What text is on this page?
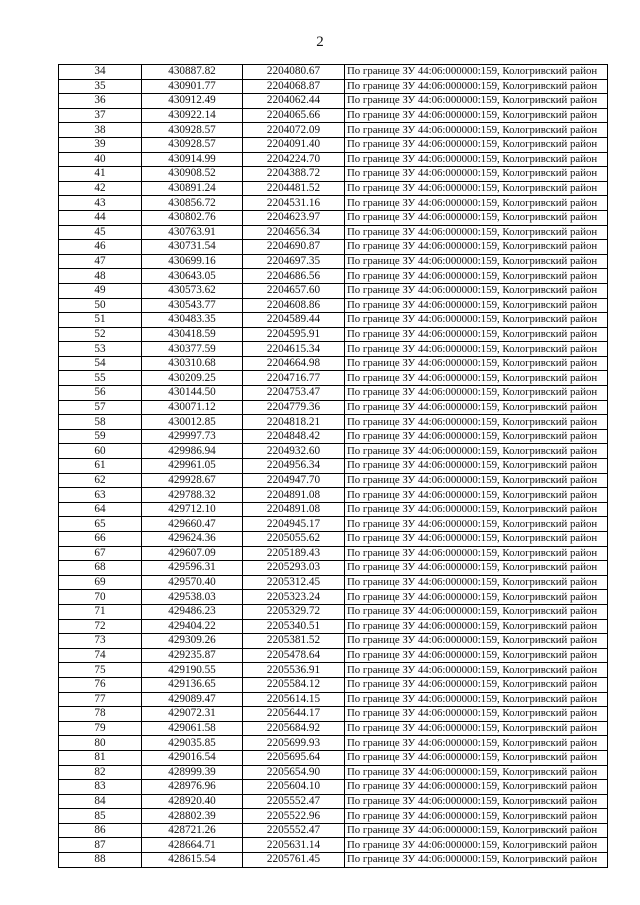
2
34	430887.82	2204080.67	По границе ЗУ 44:06:000000:159, Кологривский район
35	430901.77	2204068.87	По границе ЗУ 44:06:000000:159, Кологривский район
36	430912.49	2204062.44	По границе ЗУ 44:06:000000:159, Кологривский район
37	430922.14	2204065.66	По границе ЗУ 44:06:000000:159, Кологривский район
38	430928.57	2204072.09	По границе ЗУ 44:06:000000:159, Кологривский район
39	430928.57	2204091.40	По границе ЗУ 44:06:000000:159, Кологривский район
40	430914.99	2204224.70	По границе ЗУ 44:06:000000:159, Кологривский район
41	430908.52	2204388.72	По границе ЗУ 44:06:000000:159, Кологривский район
42	430891.24	2204481.52	По границе ЗУ 44:06:000000:159, Кологривский район
43	430856.72	2204531.16	По границе ЗУ 44:06:000000:159, Кологривский район
44	430802.76	2204623.97	По границе ЗУ 44:06:000000:159, Кологривский район
45	430763.91	2204656.34	По границе ЗУ 44:06:000000:159, Кологривский район
46	430731.54	2204690.87	По границе ЗУ 44:06:000000:159, Кологривский район
47	430699.16	2204697.35	По границе ЗУ 44:06:000000:159, Кологривский район
48	430643.05	2204686.56	По границе ЗУ 44:06:000000:159, Кологривский район
49	430573.62	2204657.60	По границе ЗУ 44:06:000000:159, Кологривский район
50	430543.77	2204608.86	По границе ЗУ 44:06:000000:159, Кологривский район
51	430483.35	2204589.44	По границе ЗУ 44:06:000000:159, Кологривский район
52	430418.59	2204595.91	По границе ЗУ 44:06:000000:159, Кологривский район
53	430377.59	2204615.34	По границе ЗУ 44:06:000000:159, Кологривский район
54	430310.68	2204664.98	По границе ЗУ 44:06:000000:159, Кологривский район
55	430209.25	2204716.77	По границе ЗУ 44:06:000000:159, Кологривский район
56	430144.50	2204753.47	По границе ЗУ 44:06:000000:159, Кологривский район
57	430071.12	2204779.36	По границе ЗУ 44:06:000000:159, Кологривский район
58	430012.85	2204818.21	По границе ЗУ 44:06:000000:159, Кологривский район
59	429997.73	2204848.42	По границе ЗУ 44:06:000000:159, Кологривский район
60	429986.94	2204932.60	По границе ЗУ 44:06:000000:159, Кологривский район
61	429961.05	2204956.34	По границе ЗУ 44:06:000000:159, Кологривский район
62	429928.67	2204947.70	По границе ЗУ 44:06:000000:159, Кологривский район
63	429788.32	2204891.08	По границе ЗУ 44:06:000000:159, Кологривский район
64	429712.10	2204891.08	По границе ЗУ 44:06:000000:159, Кологривский район
65	429660.47	2204945.17	По границе ЗУ 44:06:000000:159, Кологривский район
66	429624.36	2205055.62	По границе ЗУ 44:06:000000:159, Кологривский район
67	429607.09	2205189.43	По границе ЗУ 44:06:000000:159, Кологривский район
68	429596.31	2205293.03	По границе ЗУ 44:06:000000:159, Кологривский район
69	429570.40	2205312.45	По границе ЗУ 44:06:000000:159, Кологривский район
70	429538.03	2205323.24	По границе ЗУ 44:06:000000:159, Кологривский район
71	429486.23	2205329.72	По границе ЗУ 44:06:000000:159, Кологривский район
72	429404.22	2205340.51	По границе ЗУ 44:06:000000:159, Кологривский район
73	429309.26	2205381.52	По границе ЗУ 44:06:000000:159, Кологривский район
74	429235.87	2205478.64	По границе ЗУ 44:06:000000:159, Кологривский район
75	429190.55	2205536.91	По границе ЗУ 44:06:000000:159, Кологривский район
76	429136.65	2205584.12	По границе ЗУ 44:06:000000:159, Кологривский район
77	429089.47	2205614.15	По границе ЗУ 44:06:000000:159, Кологривский район
78	429072.31	2205644.17	По границе ЗУ 44:06:000000:159, Кологривский район
79	429061.58	2205684.92	По границе ЗУ 44:06:000000:159, Кологривский район
80	429035.85	2205699.93	По границе ЗУ 44:06:000000:159, Кологривский район
81	429016.54	2205695.64	По границе ЗУ 44:06:000000:159, Кологривский район
82	428999.39	2205654.90	По границе ЗУ 44:06:000000:159, Кологривский район
83	428976.96	2205604.10	По границе ЗУ 44:06:000000:159, Кологривский район
84	428920.40	2205552.47	По границе ЗУ 44:06:000000:159, Кологривский район
85	428802.39	2205522.96	По границе ЗУ 44:06:000000:159, Кологривский район
86	428721.26	2205552.47	По границе ЗУ 44:06:000000:159, Кологривский район
87	428664.71	2205631.14	По границе ЗУ 44:06:000000:159, Кологривский район
88	428615.54	2205761.45	По границе ЗУ 44:06:000000:159, Кологривский район
